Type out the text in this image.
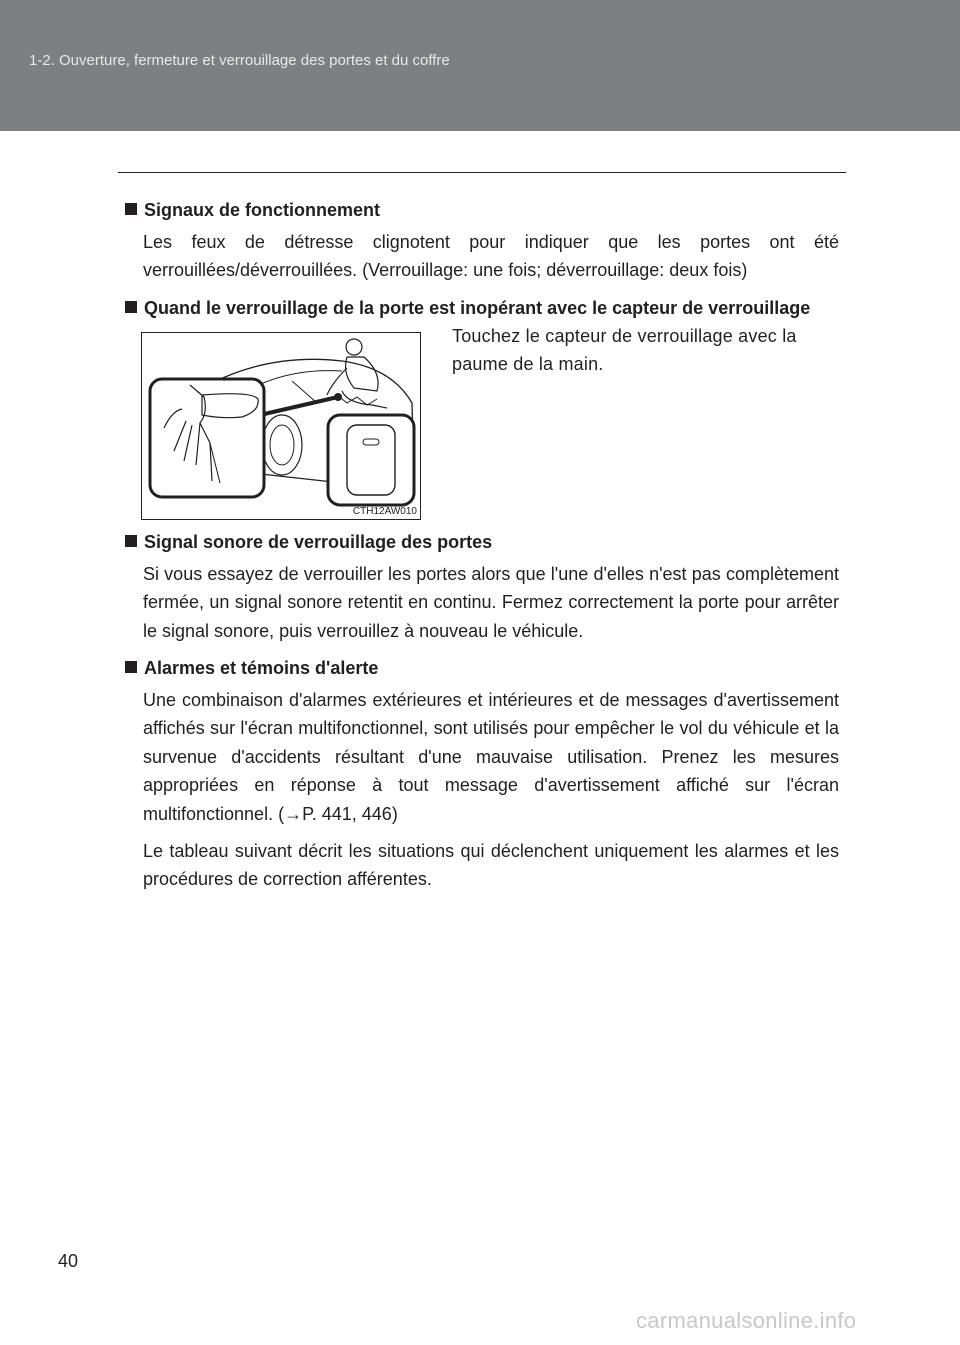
1-2. Ouverture, fermeture et verrouillage des portes et du coffre
Signaux de fonctionnement
Les feux de détresse clignotent pour indiquer que les portes ont été verrouillées/déverrouillées. (Verrouillage: une fois; déverrouillage: deux fois)
Quand le verrouillage de la porte est inopérant avec le capteur de verrouillage
CTH12AW010
Touchez le capteur de verrouillage avec la paume de la main.
Signal sonore de verrouillage des portes
Si vous essayez de verrouiller les portes alors que l'une d'elles n'est pas complètement fermée, un signal sonore retentit en continu. Fermez correctement la porte pour arrêter le signal sonore, puis verrouillez à nouveau le véhicule.
Alarmes et témoins d'alerte
Une combinaison d'alarmes extérieures et intérieures et de messages d'avertissement affichés sur l'écran multifonctionnel, sont utilisés pour empêcher le vol du véhicule et la survenue d'accidents résultant d'une mauvaise utilisation. Prenez les mesures appropriées en réponse à tout message d'avertissement affiché sur l'écran multifonctionnel. (→P. 441, 446)
Le tableau suivant décrit les situations qui déclenchent uniquement les alarmes et les procédures de correction afférentes.
40
carmanualsonline.info
